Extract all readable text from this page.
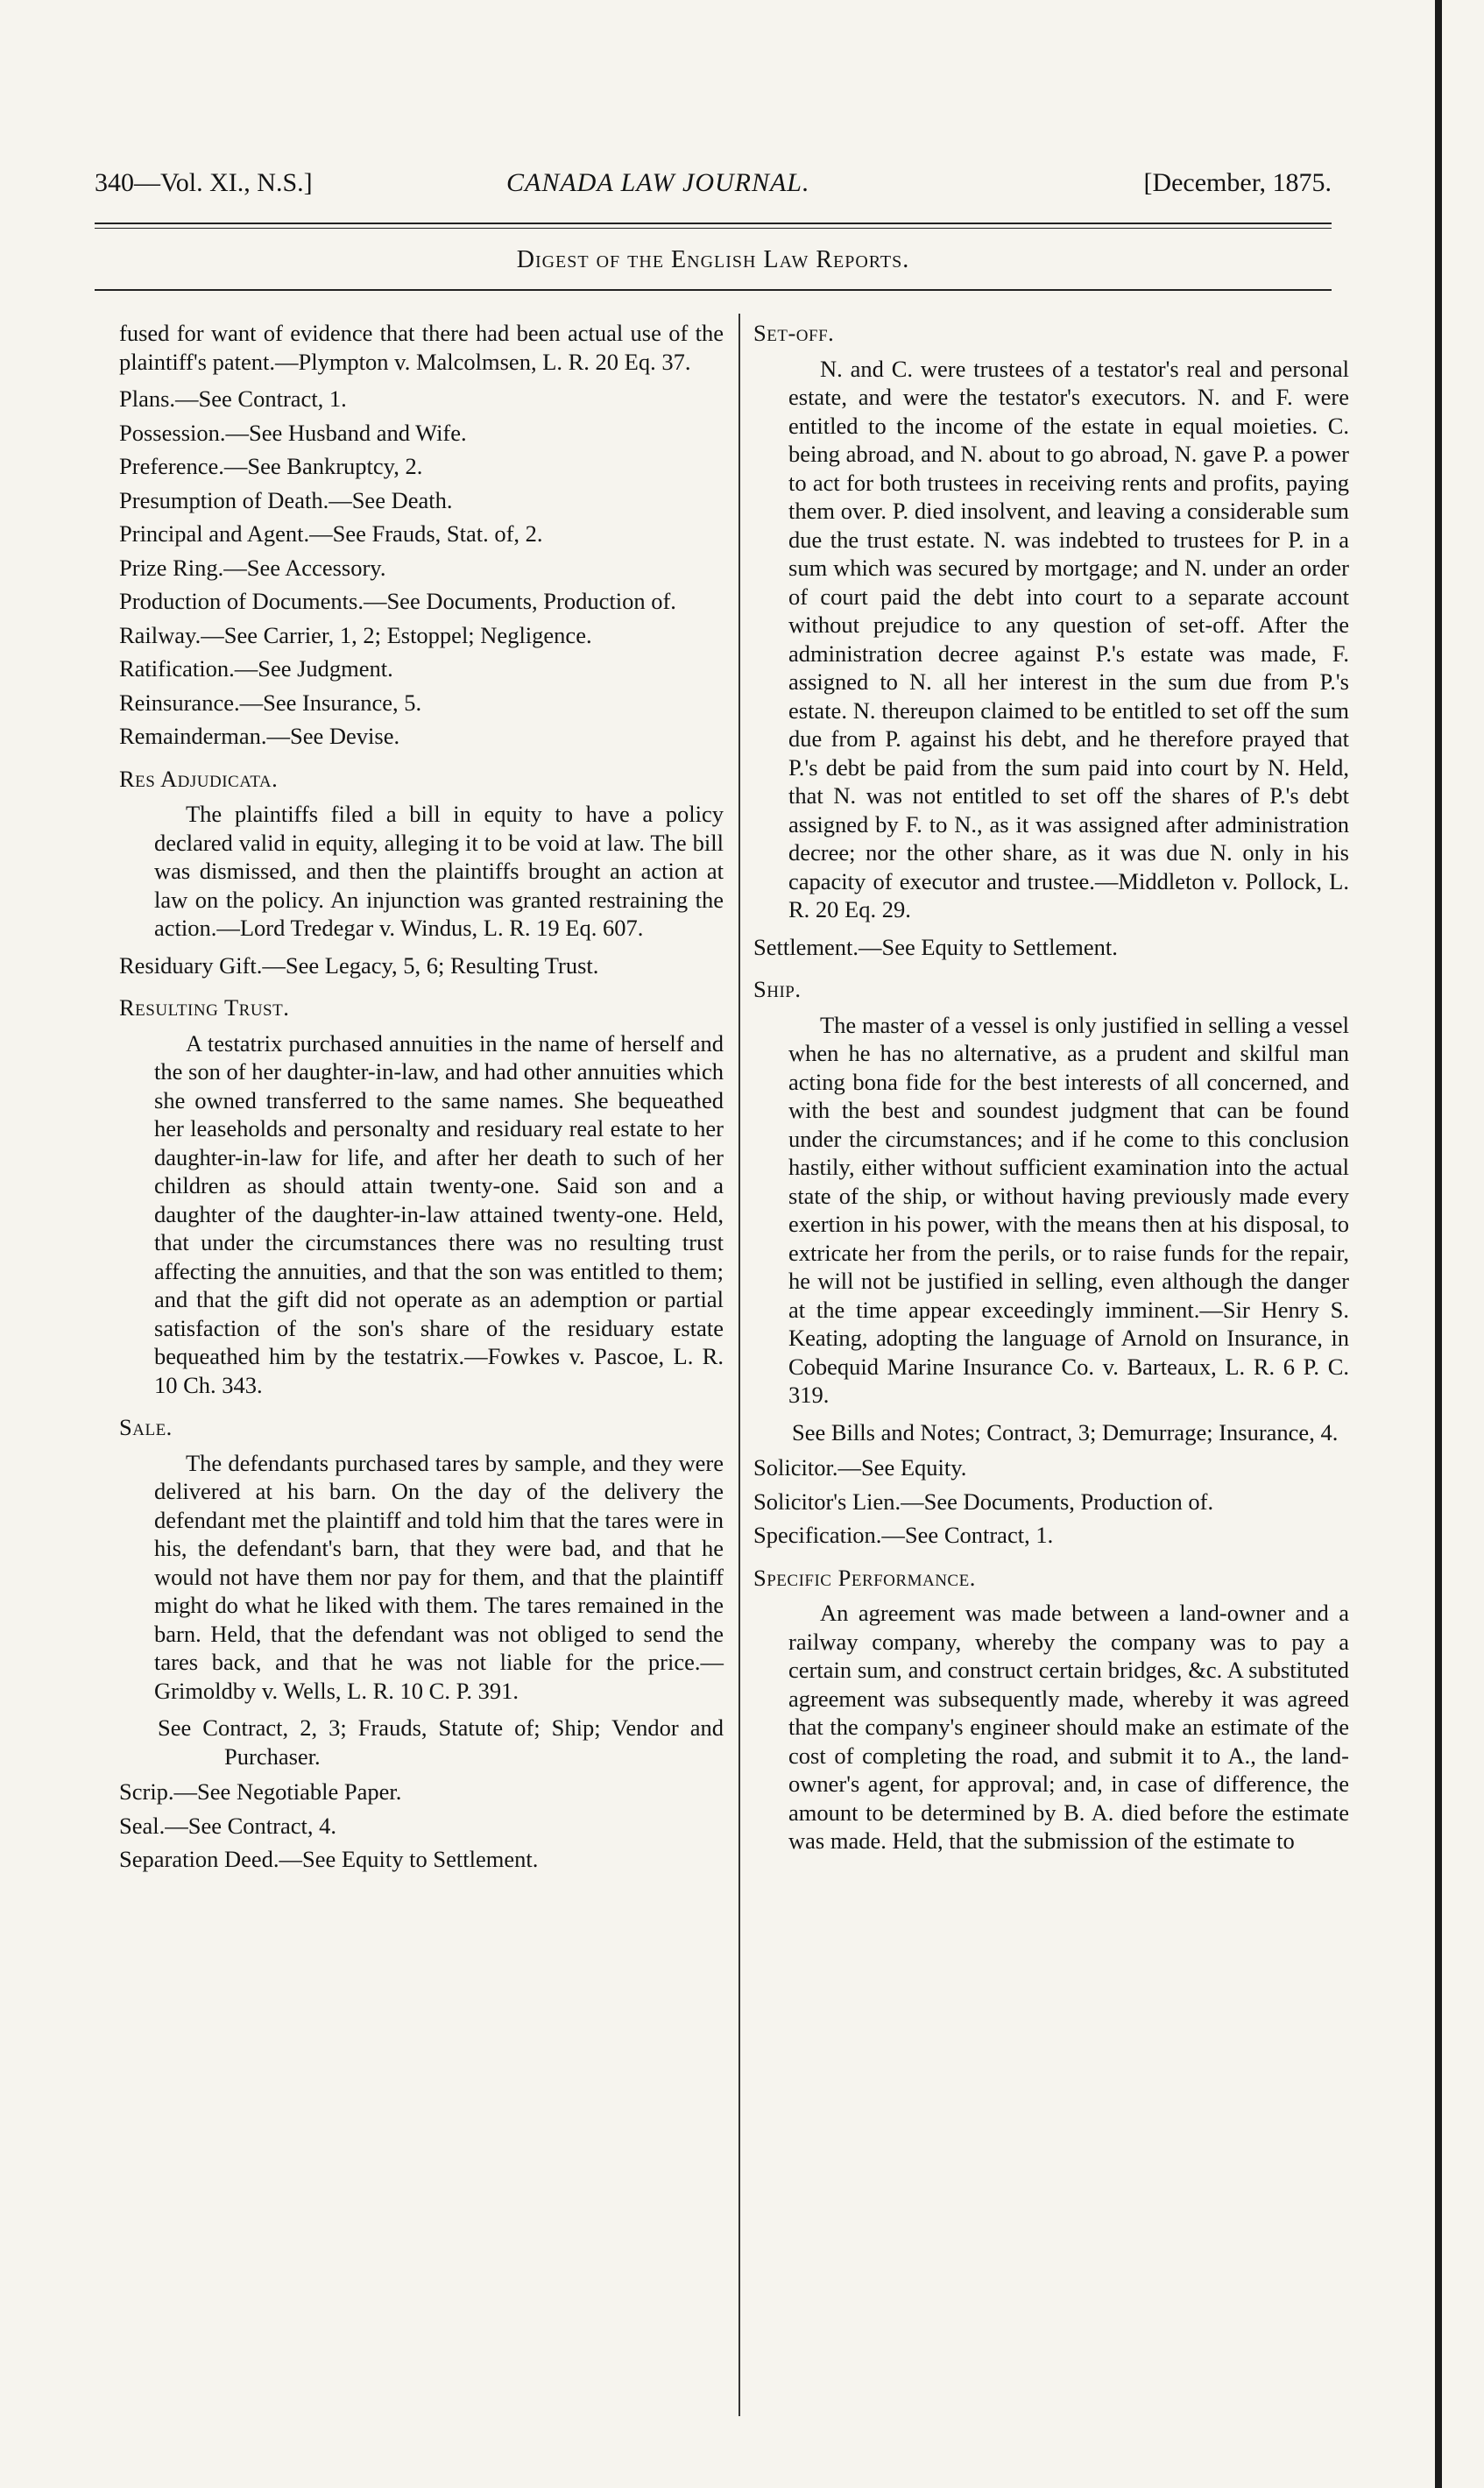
340—Vol. XI., N.S.]	CANADA LAW JOURNAL.	[December, 1875.
Digest of the English Law Reports.

fused for want of evidence that there had been actual use of the plaintiff's patent.—Plympton v. Malcolmsen, L. R. 20 Eq. 37.

Plans.—See Contract, 1.
Possession.—See Husband and Wife.
Preference.—See Bankruptcy, 2.
Presumption of Death.—See Death.
Principal and Agent.—See Frauds, Stat. of, 2.
Prize Ring.—See Accessory.
Production of Documents.—See Documents, Production of.
Railway.—See Carrier, 1, 2; Estoppel; Negligence.
Ratification.—See Judgment.
Reinsurance.—See Insurance, 5.
Remainderman.—See Devise.
Res Adjudicata.

The plaintiffs filed a bill in equity to have a policy declared valid in equity, alleging it to be void at law. The bill was dismissed, and then the plaintiffs brought an action at law on the policy. An injunction was granted restraining the action.—Lord Tredegar v. Windus, L. R. 19 Eq. 607.

Residuary Gift.—See Legacy, 5, 6; Resulting Trust.
Resulting Trust.

A testatrix purchased annuities in the name of herself and the son of her daughter-in-law, and had other annuities which she owned transferred to the same names. She bequeathed her leaseholds and personalty and residuary real estate to her daughter-in-law for life, and after her death to such of her children as should attain twenty-one. Said son and a daughter of the daughter-in-law attained twenty-one. Held, that under the circumstances there was no resulting trust affecting the annuities, and that the son was entitled to them; and that the gift did not operate as an ademption or partial satisfaction of the son's share of the residuary estate bequeathed him by the testatrix.—Fowkes v. Pascoe, L. R. 10 Ch. 343.

Sale.

The defendants purchased tares by sample, and they were delivered at his barn. On the day of the delivery the defendant met the plaintiff and told him that the tares were in his, the defendant's barn, that they were bad, and that he would not have them nor pay for them, and that the plaintiff might do what he liked with them. The tares remained in the barn. Held, that the defendant was not obliged to send the tares back, and that he was not liable for the price.—Grimoldby v. Wells, L. R. 10 C. P. 391.

See Contract, 2, 3; Frauds, Statute of; Ship; Vendor and Purchaser.
Scrip.—See Negotiable Paper.
Seal.—See Contract, 4.
Separation Deed.—See Equity to Settlement.
Set-off.

N. and C. were trustees of a testator's real and personal estate, and were the testator's executors. N. and F. were entitled to the income of the estate in equal moieties. C. being abroad, and N. about to go abroad, N. gave P. a power to act for both trustees in receiving rents and profits, paying them over. P. died insolvent, and leaving a considerable sum due the trust estate. N. was indebted to trustees for P. in a sum which was secured by mortgage; and N. under an order of court paid the debt into court to a separate account without prejudice to any question of set-off. After the administration decree against P.'s estate was made, F. assigned to N. all her interest in the sum due from P.'s estate. N. thereupon claimed to be entitled to set off the sum due from P. against his debt, and he therefore prayed that P.'s debt be paid from the sum paid into court by N. Held, that N. was not entitled to set off the shares of P.'s debt assigned by F. to N., as it was assigned after administration decree; nor the other share, as it was due N. only in his capacity of executor and trustee.—Middleton v. Pollock, L. R. 20 Eq. 29.

Settlement.—See Equity to Settlement.
Ship.

The master of a vessel is only justified in selling a vessel when he has no alternative, as a prudent and skilful man acting bona fide for the best interests of all concerned, and with the best and soundest judgment that can be found under the circumstances; and if he come to this conclusion hastily, either without sufficient examination into the actual state of the ship, or without having previously made every exertion in his power, with the means then at his disposal, to extricate her from the perils, or to raise funds for the repair, he will not be justified in selling, even although the danger at the time appear exceedingly imminent.—Sir Henry S. Keating, adopting the language of Arnold on Insurance, in Cobequid Marine Insurance Co. v. Barteaux, L. R. 6 P. C. 319.

See Bills and Notes; Contract, 3; Demurrage; Insurance, 4.
Solicitor.—See Equity.
Solicitor's Lien.—See Documents, Production of.
Specification.—See Contract, 1.
Specific Performance.

An agreement was made between a land-owner and a railway company, whereby the company was to pay a certain sum, and construct certain bridges, &c. A substituted agreement was subsequently made, whereby it was agreed that the company's engineer should make an estimate of the cost of completing the road, and submit it to A., the land-owner's agent, for approval; and, in case of difference, the amount to be determined by B. A. died before the estimate was made. Held, that the submission of the estimate to
